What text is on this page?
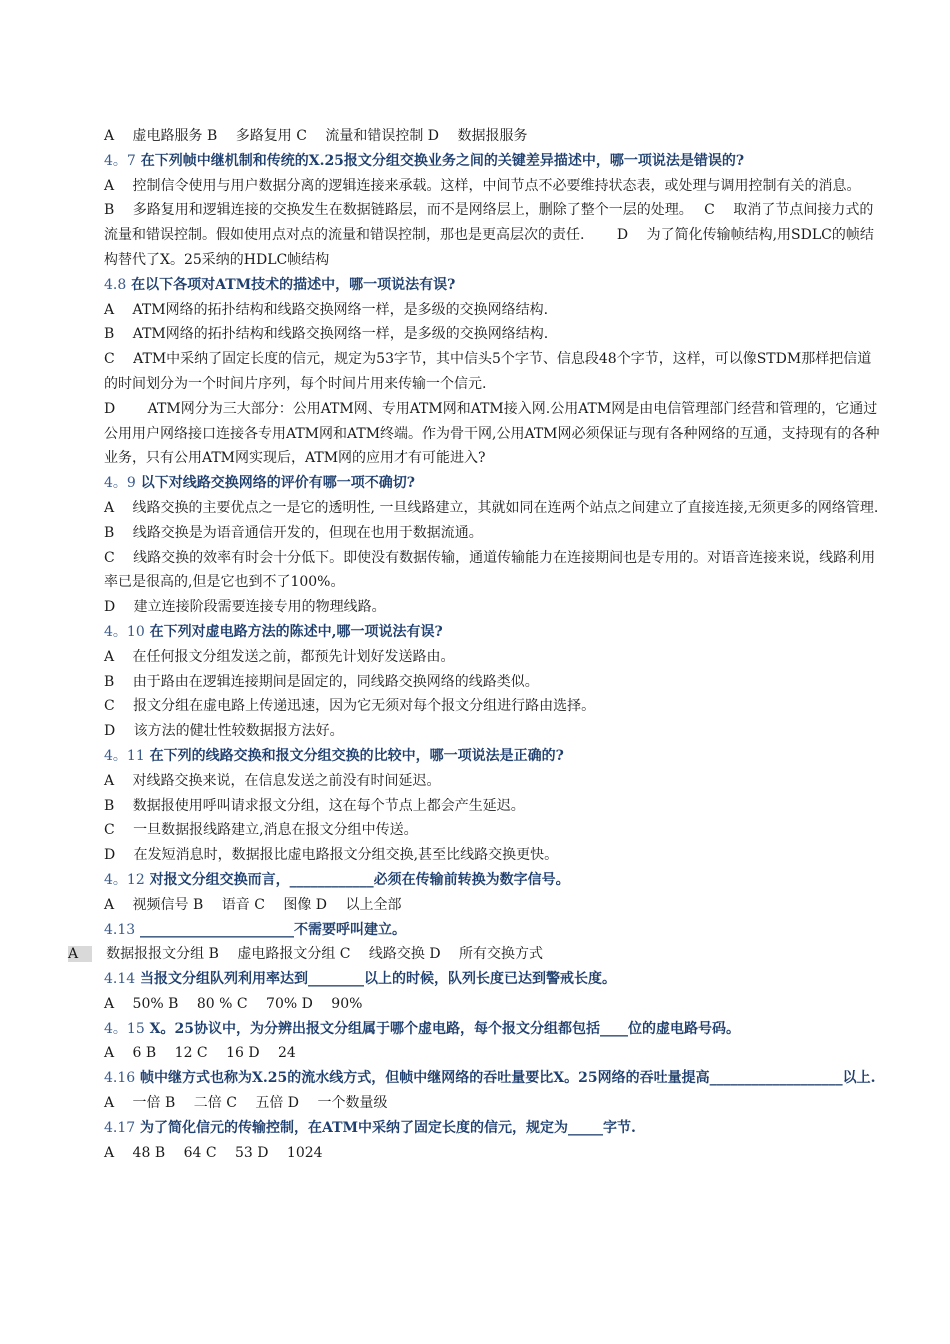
A　 虚电路服务 B　 多路复用 C　 流量和错误控制 D　 数据报服务

4。7 在下列帧中继机制和传统的X.25报文分组交换业务之间的关键差异描述中，哪一项说法是错误的?

A　 控制信令使用与用户数据分离的逻辑连接来承载。这样，中间节点不必要维持状态表，或处理与调用控制有关的消息。　　 B　 多路复用和逻辑连接的交换发生在数据链路层，而不是网络层上，删除了整个一层的处理。　 C　 取消了节点间接力式的流量和错误控制。假如使用点对点的流量和错误控制，那也是更高层次的责任.　　 D　 为了简化传输帧结构,用SDLC的帧结构替代了X。25采纳的HDLC帧结构

4.8 在以下各项对ATM技术的描述中，哪一项说法有误?

A　 ATM网络的拓扑结构和线路交换网络一样，是多级的交换网络结构.

B　 ATM网络的拓扑结构和线路交换网络一样，是多级的交换网络结构.

C　 ATM中采纳了固定长度的信元，规定为53字节，其中信头5个字节、信息段48个字节，这样，可以像STDM那样把信道的时间划分为一个时间片序列，每个时间片用来传输一个信元.

D　　 ATM网分为三大部分：公用ATM网、专用ATM网和ATM接入网.公用ATM网是由电信管理部门经营和管理的，它通过公用用户网络接口连接各专用ATM网和ATM终端。作为骨干网,公用ATM网必须保证与现有各种网络的互通，支持现有的各种业务，只有公用ATM网实现后，ATM网的应用才有可能进入?

4。9 以下对线路交换网络的评价有哪一项不确切?

A　 线路交换的主要优点之一是它的透明性, 一旦线路建立，其就如同在连两个站点之间建立了直接连接,无须更多的网络管理.

B　 线路交换是为语音通信开发的，但现在也用于数据流通。

C　 线路交换的效率有时会十分低下。即使没有数据传输，通道传输能力在连接期间也是专用的。对语音连接来说，线路利用率已是很高的,但是它也到不了100%。

D　 建立连接阶段需要连接专用的物理线路。

4。10 在下列对虚电路方法的陈述中,哪一项说法有误?

A　 在任何报文分组发送之前，都预先计划好发送路由。

B　 由于路由在逻辑连接期间是固定的，同线路交换网络的线路类似。

C　 报文分组在虚电路上传递迅速，因为它无须对每个报文分组进行路由选择。

D　 该方法的健壮性较数据报方法好。

4。11 在下列的线路交换和报文分组交换的比较中，哪一项说法是正确的?

A　 对线路交换来说，在信息发送之前没有时间延迟。

B　 数据报使用呼叫请求报文分组，这在每个节点上都会产生延迟。

C　 一旦数据报线路建立,消息在报文分组中传送。

D　 在发短消息时，数据报比虚电路报文分组交换,甚至比线路交换更快。

4。12 对报文分组交换而言，____________必须在传输前转换为数字信号。

A　 视频信号 B　 语音 C　 图像 D　 以上全部

4.13 ______________________不需要呼叫建立。

A　数据报报文分组 B　 虚电路报文分组 C　 线路交换 D　 所有交换方式

4.14 当报文分组队列利用率达到________以上的时候，队列长度已达到警戒长度。

A　 50% B　 80 % C　 70% D　 90%

4。15 X。25协议中，为分辨出报文分组属于哪个虚电路，每个报文分组都包括____位的虚电路号码。

A　 6 B　 12 C　 16 D　 24

4.16 帧中继方式也称为X.25的流水线方式，但帧中继网络的吞吐量要比X。25网络的吞吐量提高___________________以上.

A　 一倍 B　 二倍 C　 五倍 D　 一个数量级

4.17 为了简化信元的传输控制，在ATM中采纳了固定长度的信元，规定为_____字节.

A　 48 B　 64 C　 53 D　 1024
